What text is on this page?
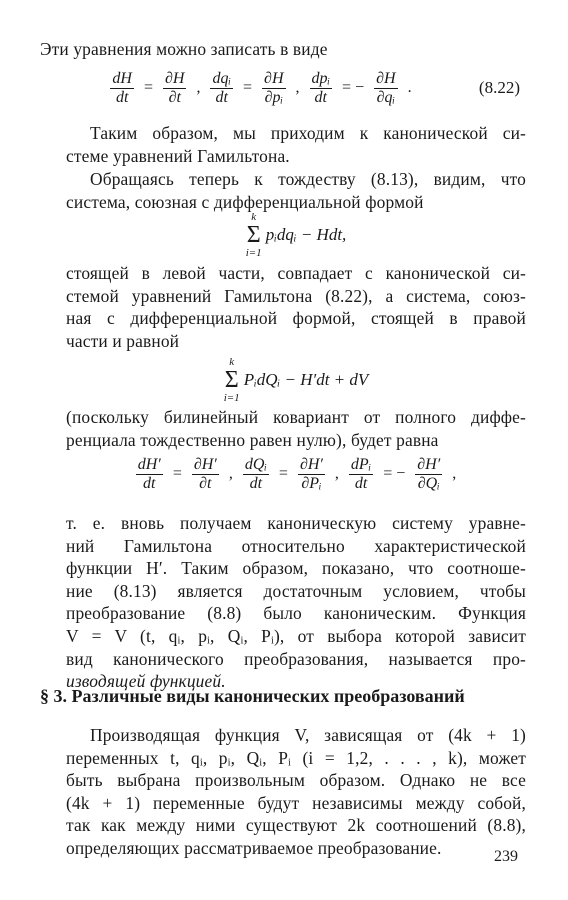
Эти уравнения можно записать в виде
$\frac{dH}{dt} = \frac{\partial H}{\partial t}$ , $\frac{\text{dqᵢ}}{dt} = \frac{\partial H}{\text{∂pᵢ}}$ , $\frac{\text{dpᵢ}}{dt}$ = − $\frac{\partial H}{\text{∂qᵢ}}$ .	(8.22)
Таким образом, мы приходим к канонической си-
стеме уравнений Гамильтона.
Обращаясь теперь к тождеству (8.13), видим, что
система, союзная с дифференциальной формой
k
Σ
i=1
pᵢdqᵢ − Hdt,
стоящей в левой части, совпадает с канонической си-
стемой уравнений Гамильтона (8.22), а система, союз-
ная с дифференциальной формой, стоящей в правой
части и равной
k
Σ
i=1
PᵢdQᵢ − H′dt + dV
(поскольку билинейный ковариант от полного диффе-
ренциала тождественно равен нулю), будет равна
$\frac{dH'}{dt} = \frac{\partial H'}{\partial t}$ , $\frac{\text{dQᵢ}}{dt} = \frac{\partial H'}{\text{∂Pᵢ}}$ , $\frac{\text{dPᵢ}}{dt}$ = − $\frac{\partial H'}{\text{∂Qᵢ}}$ ,
т. е. вновь получаем каноническую систему уравне-
ний Гамильтона относительно характеристической
функции H′. Таким образом, показано, что соотноше-
ние (8.13) является достаточным условием, чтобы
преобразование (8.8) было каноническим. Функция
V = V (t, qᵢ, pᵢ, Qᵢ, Pᵢ), от выбора которой зависит
вид канонического преобразования, называется про-
изводящей функцией.
§ 3. Различные виды канонических преобразований
Производящая функция V, зависящая от (4k + 1)
переменных t, qᵢ, pᵢ, Qᵢ, Pᵢ (i = 1,2, . . . , k), может
быть выбрана произвольным образом. Однако не все
(4k + 1) переменные будут независимы между собой,
так как между ними существуют 2k соотношений (8.8),
определяющих рассматриваемое преобразование.	239
